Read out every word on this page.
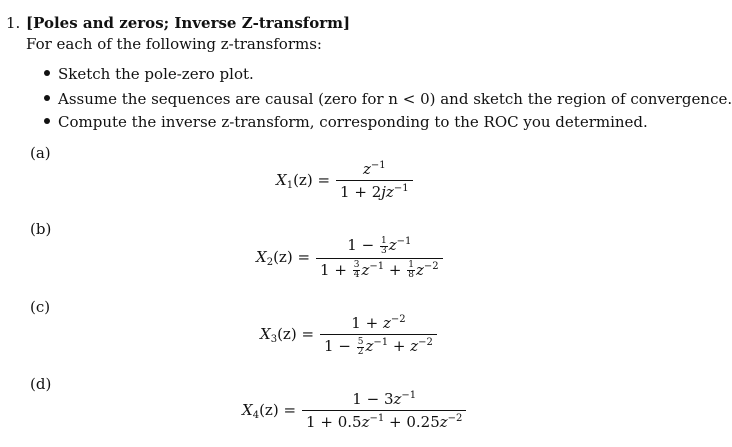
1. [Poles and zeros; Inverse Z-transform]
For each of the following z-transforms:
Sketch the pole-zero plot.
Assume the sequences are causal (zero for n < 0) and sketch the region of convergence.
Compute the inverse z-transform, corresponding to the ROC you determined.
(a)
$X_1(z) = \frac{z^{-1}}{1 + 2jz^{-1}}$
(b)
$X_2(z) = \frac{1 - \frac{1}{3} z^{-1}}{1 + \frac{3}{4} z^{-1} + \frac{1}{8} z^{-2}}$
(c)
$X_3(z) = \frac{1 + z^{-2}}{1 - \frac{5}{2} z^{-1} + z^{-2}}$
(d)
$X_4(z) = \frac{1 - 3z^{-1}}{1 + 0.5z^{-1} + 0.25z^{-2}}$
